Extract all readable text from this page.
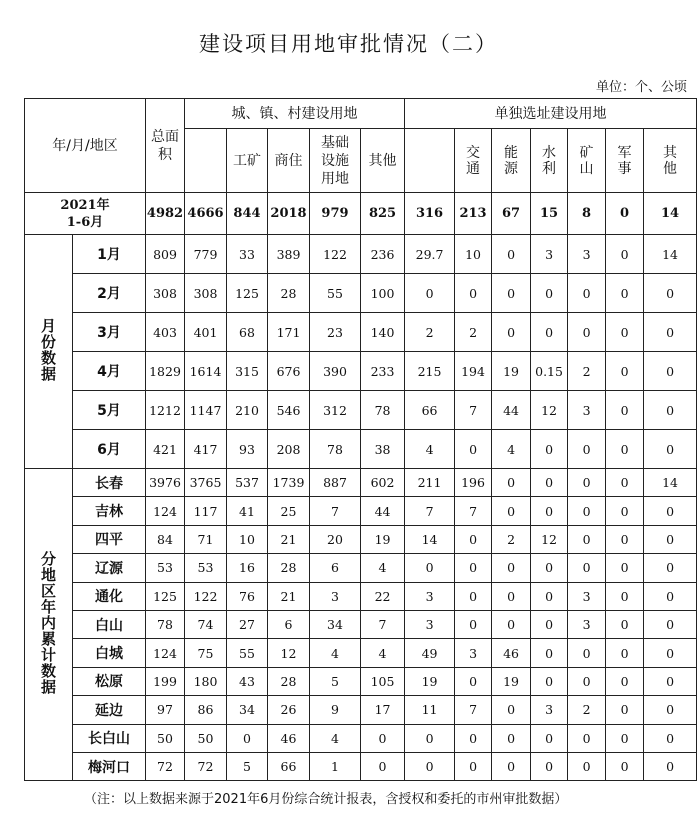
建设项目用地审批情况（二）
单位：个、公顷
年/月/地区		总面积	城、镇、村建设用地					单独选址建设用地						
				工矿	商住	基础设施用地	其他		交通	能源	水利	矿山	军事	其他
2021年1-6月		4982	4666	844	2018	979	825	316	213	67	15	8	0	14
月份数据	1月	809	779	33	389	122	236	29.7	10	0	3	3	0	14
	2月	308	308	125	28	55	100	0	0	0	0	0	0	0
	3月	403	401	68	171	23	140	2	2	0	0	0	0	0
	4月	1829	1614	315	676	390	233	215	194	19	0.15	2	0	0
	5月	1212	1147	210	546	312	78	66	7	44	12	3	0	0
	6月	421	417	93	208	78	38	4	0	4	0	0	0	0
分地区年内累计数据	长春	3976	3765	537	1739	887	602	211	196	0	0	0	0	14
	吉林	124	117	41	25	7	44	7	7	0	0	0	0	0
	四平	84	71	10	21	20	19	14	0	2	12	0	0	0
	辽源	53	53	16	28	6	4	0	0	0	0	0	0	0
	通化	125	122	76	21	3	22	3	0	0	0	3	0	0
	白山	78	74	27	6	34	7	3	0	0	0	3	0	0
	白城	124	75	55	12	4	4	49	3	46	0	0	0	0
	松原	199	180	43	28	5	105	19	0	19	0	0	0	0
	延边	97	86	34	26	9	17	11	7	0	3	2	0	0
	长白山	50	50	0	46	4	0	0	0	0	0	0	0	0
	梅河口	72	72	5	66	1	0	0	0	0	0	0	0	0
（注：以上数据来源于2021年6月份综合统计报表，含授权和委托的市州审批数据）
